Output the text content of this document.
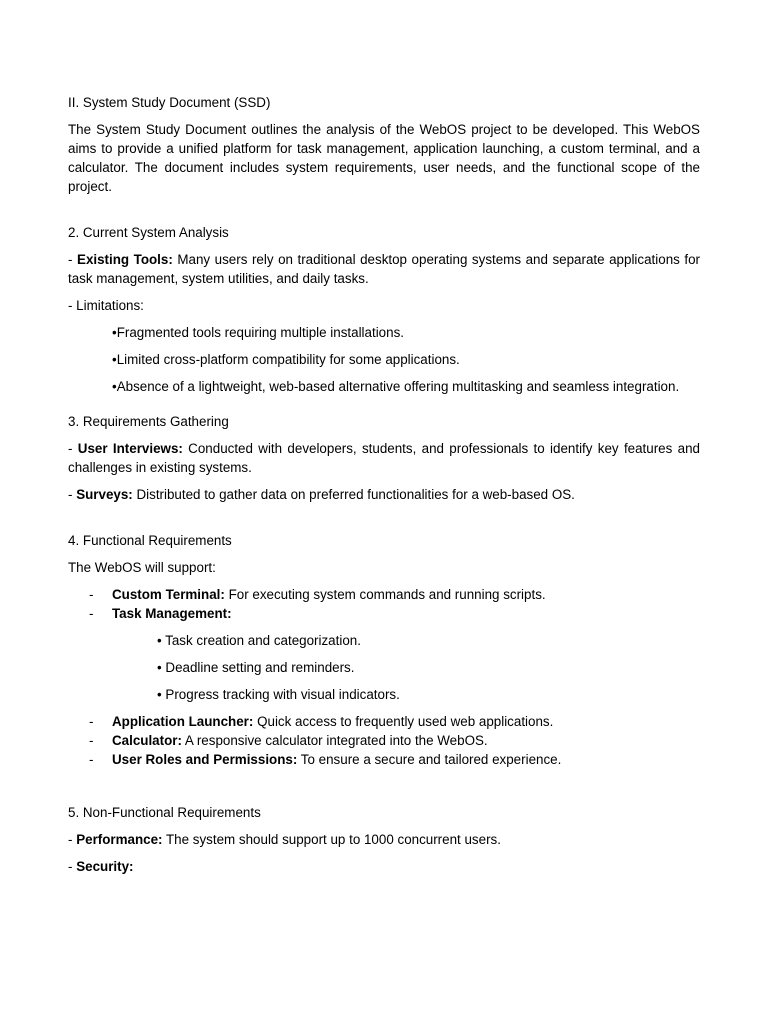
II. System Study Document (SSD)

The System Study Document outlines the analysis of the WebOS project to be developed. This WebOS aims to provide a unified platform for task management, application launching, a custom terminal, and a calculator. The document includes system requirements, user needs, and the functional scope of the project.

2. Current System Analysis

- Existing Tools: Many users rely on traditional desktop operating systems and separate applications for task management, system utilities, and daily tasks.

- Limitations:

•Fragmented tools requiring multiple installations.
•Limited cross-platform compatibility for some applications.
•Absence of a lightweight, web-based alternative offering multitasking and seamless integration.

3. Requirements Gathering

- User Interviews: Conducted with developers, students, and professionals to identify key features and challenges in existing systems.

- Surveys: Distributed to gather data on preferred functionalities for a web-based OS.

4. Functional Requirements

The WebOS will support:

- Custom Terminal: For executing system commands and running scripts.
- Task Management:
• Task creation and categorization.
• Deadline setting and reminders.
• Progress tracking with visual indicators.
- Application Launcher: Quick access to frequently used web applications.
- Calculator: A responsive calculator integrated into the WebOS.
- User Roles and Permissions: To ensure a secure and tailored experience.

5. Non-Functional Requirements

- Performance: The system should support up to 1000 concurrent users.

- Security:
